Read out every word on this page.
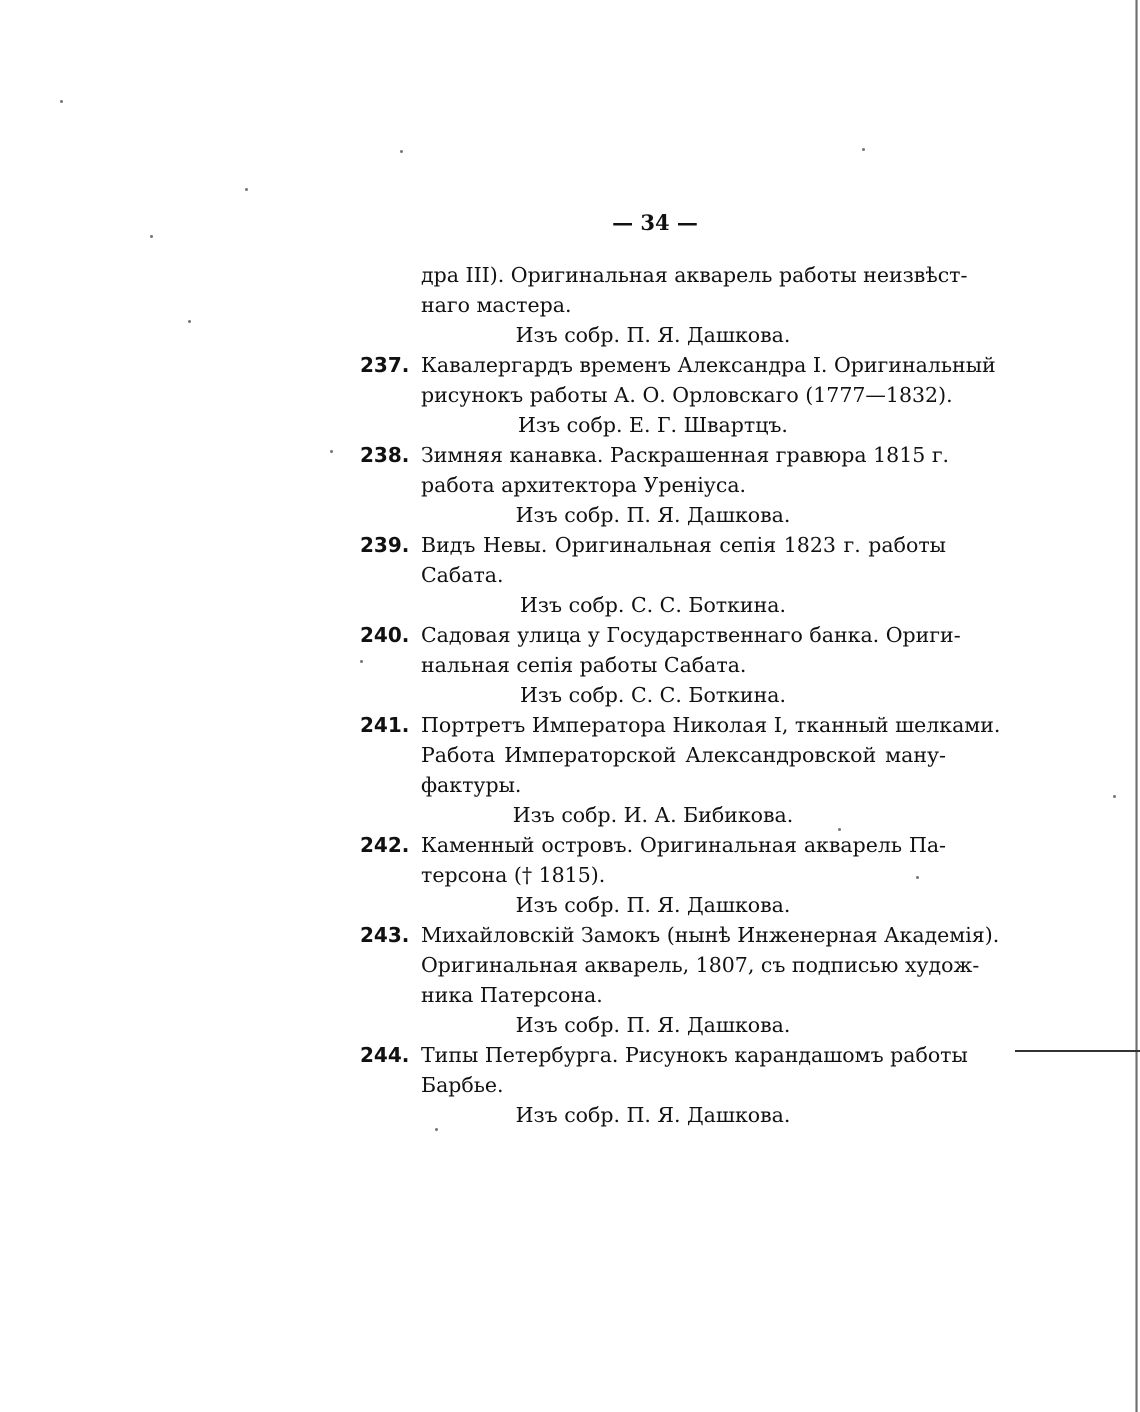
— 34 —
дра III). Оригинальная акварель работы неизвѣст-
наго мастера.
Изъ собр. П. Я. Дашкова.
237. Кавалергардъ временъ Александра I. Оригинальный
рисунокъ работы А. О. Орловскаго (1777—1832).
Изъ собр. Е. Г. Швартцъ.
238. Зимняя канавка. Раскрашенная гравюра 1815 г.
работа архитектора Уреніуса.
Изъ собр. П. Я. Дашкова.
239. Видъ Невы. Оригинальная сепія 1823 г. работы
Сабата.
Изъ собр. С. С. Боткина.
240. Садовая улица у Государственнаго банка. Ориги-
нальная сепія работы Сабата.
Изъ собр. С. С. Боткина.
241. Портретъ Императора Николая I, тканный шелками.
Работа Императорской Александровской ману-
фактуры.
Изъ собр. И. А. Бибикова.
242. Каменный островъ. Оригинальная акварель Па-
терсона († 1815).
Изъ собр. П. Я. Дашкова.
243. Михайловскій Замокъ (нынѣ Инженерная Академія).
Оригинальная акварель, 1807, съ подписью худож-
ника Патерсона.
Изъ собр. П. Я. Дашкова.
244. Типы Петербурга. Рисунокъ карандашомъ работы
Барбье.
Изъ собр. П. Я. Дашкова.
